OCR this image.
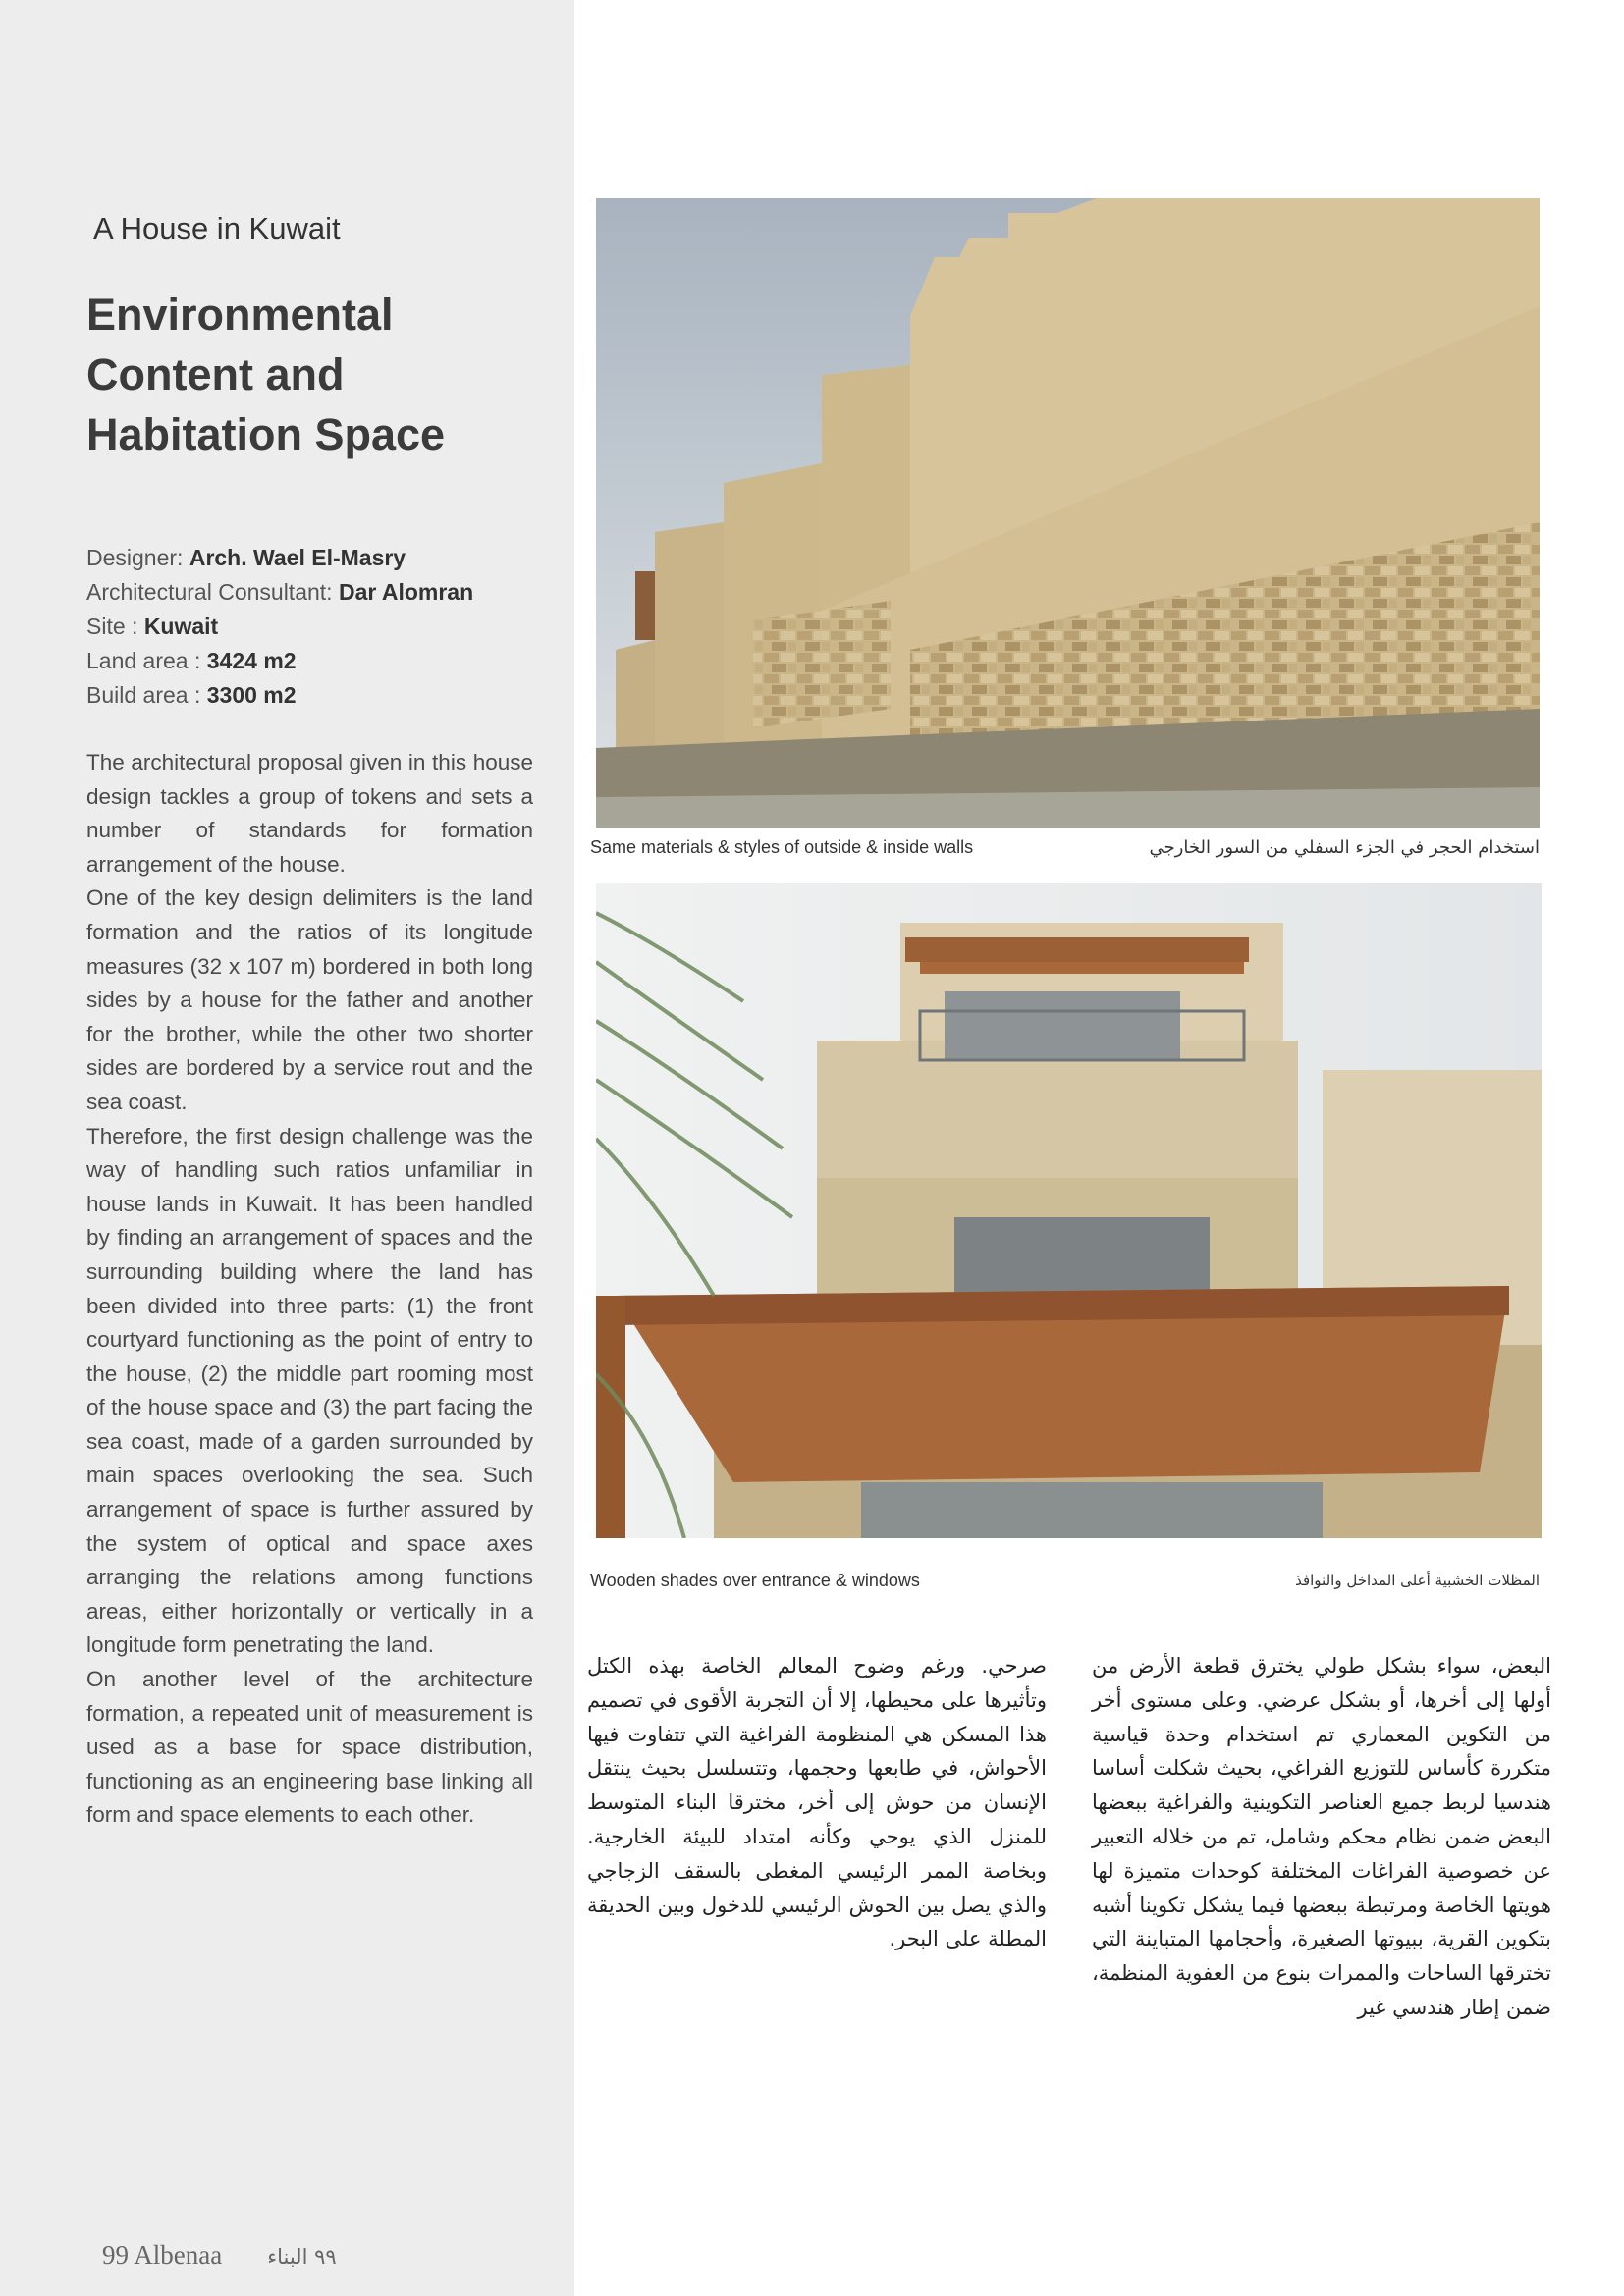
A House in Kuwait
Environmental
Content and
Habitation Space
Designer: Arch. Wael El-Masry
Architectural Consultant: Dar Alomran
Site : Kuwait
Land area : 3424 m2
Build area : 3300 m2

The architectural proposal given in this house design tackles a group of tokens and sets a number of standards for formation arrangement of the house.

One of the key design delimiters is the land formation and the ratios of its longitude measures (32 x 107 m) bordered in both long sides by a house for the father and another for the brother, while the other two shorter sides are bordered by a service rout and the sea coast.

Therefore, the first design challenge was the way of handling such ratios unfamiliar in house lands in Kuwait. It has been handled by finding an arrangement of spaces and the surrounding building where the land has been divided into three parts: (1) the front courtyard functioning as the point of entry to the house, (2) the middle part rooming most of the house space and (3) the part facing the sea coast, made of a garden surrounded by main spaces overlooking the sea. Such arrangement of space is further assured by the system of optical and space axes arranging the relations among functions areas, either horizontally or vertically in a longitude form penetrating the land.

On another level of the architecture formation, a repeated unit of measurement is used as a base for space distribution, functioning as an engineering base linking all form and space elements to each other.

99 Albenaa ٩٩ البناء
Same materials & styles of outside & inside walls	استخدام الحجر في الجزء السفلي من السور الخارجي
Wooden shades over entrance & windows	المظلات الخشبية أعلى المداخل والنوافذ

البعض، سواء بشكل طولي يخترق قطعة الأرض من أولها إلى أخرها، أو بشكل عرضي. وعلى مستوى أخر من التكوين المعماري تم استخدام وحدة قياسية متكررة كأساس للتوزيع الفراغي، بحيث شكلت أساسا هندسيا لربط جميع العناصر التكوينية والفراغية ببعضها البعض ضمن نظام محكم وشامل، تم من خلاله التعبير عن خصوصية الفراغات المختلفة كوحدات متميزة لها هويتها الخاصة ومرتبطة ببعضها فيما يشكل تكوينا أشبه بتكوين القرية، ببيوتها الصغيرة، وأحجامها المتباينة التي تخترقها الساحات والممرات بنوع من العفوية المنظمة، ضمن إطار هندسي غير

صرحي. ورغم وضوح المعالم الخاصة بهذه الكتل وتأثيرها على محيطها، إلا أن التجربة الأقوى في تصميم هذا المسكن هي المنظومة الفراغية التي تتفاوت فيها الأحواش، في طابعها وحجمها، وتتسلسل بحيث ينتقل الإنسان من حوش إلى أخر، مخترقا البناء المتوسط للمنزل الذي يوحي وكأنه امتداد للبيئة الخارجية. وبخاصة الممر الرئيسي المغطى بالسقف الزجاجي والذي يصل بين الحوش الرئيسي للدخول وبين الحديقة المطلة على البحر.
